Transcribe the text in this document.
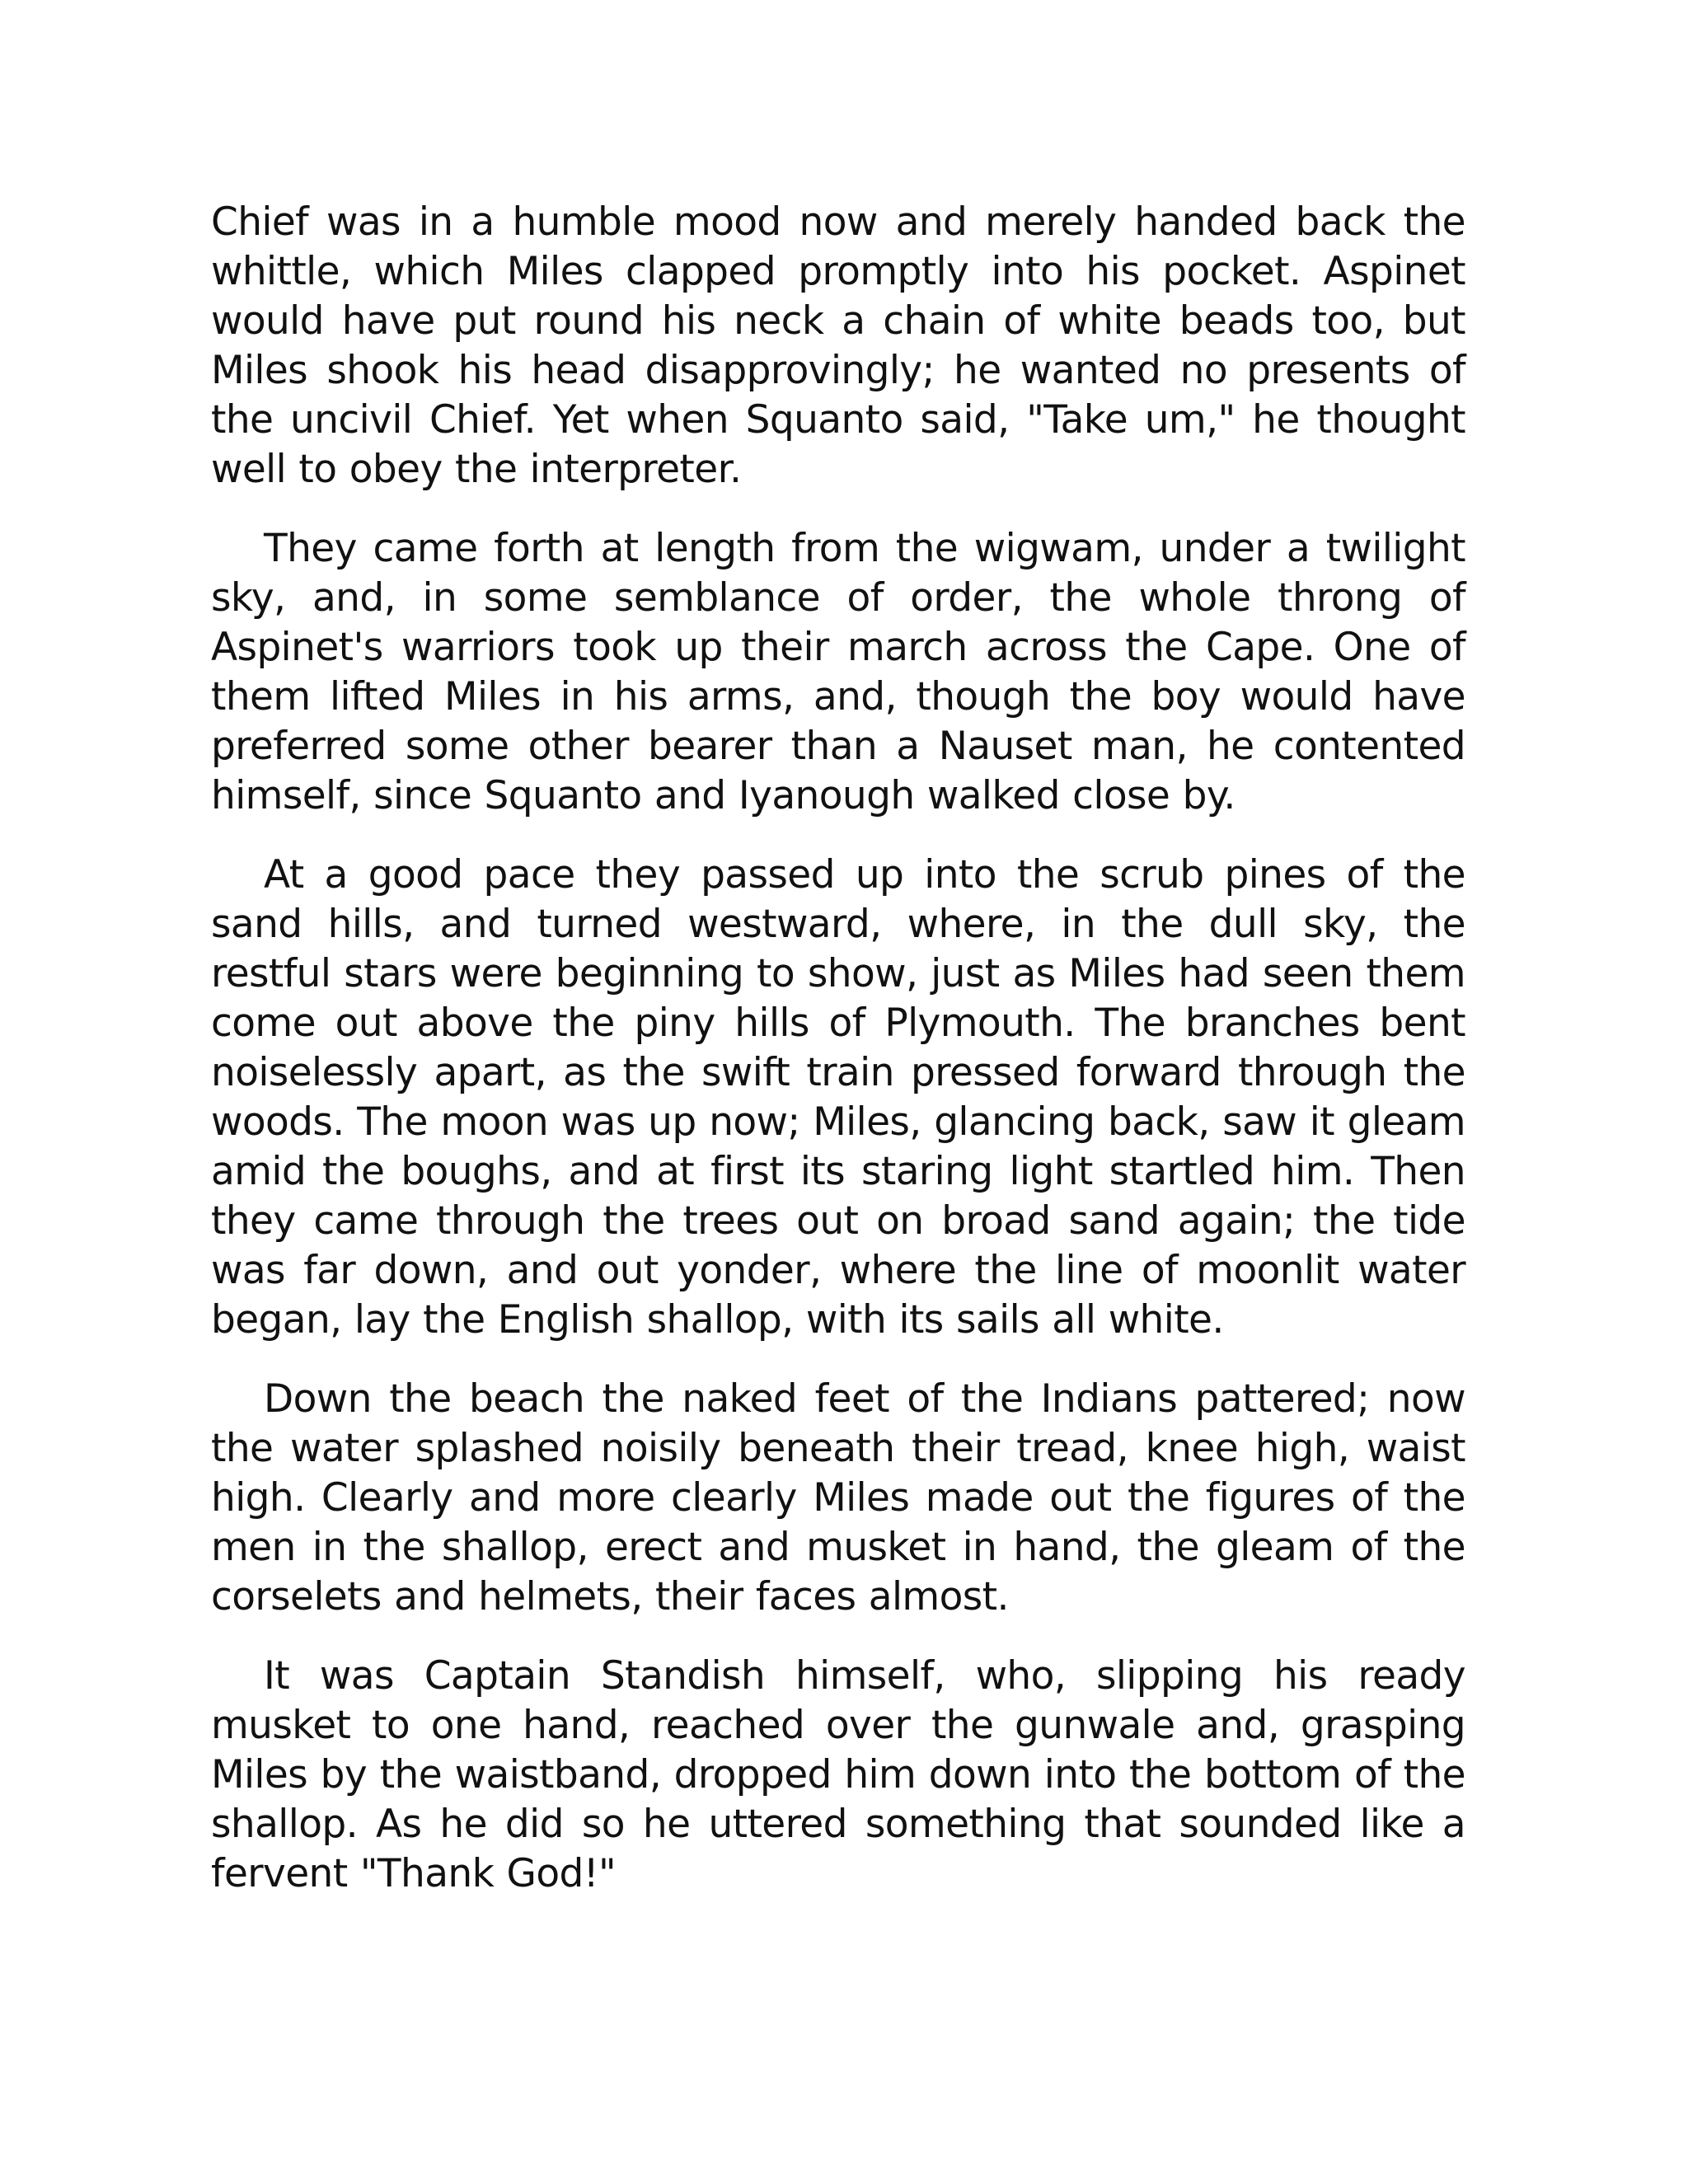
Chief was in a humble mood now and merely handed back the whittle, which Miles clapped promptly into his pocket. Aspinet would have put round his neck a chain of white beads too, but Miles shook his head disapprovingly; he wanted no presents of the uncivil Chief. Yet when Squanto said, "Take um," he thought well to obey the interpreter.

They came forth at length from the wigwam, under a twilight sky, and, in some semblance of order, the whole throng of Aspinet's warriors took up their march across the Cape. One of them lifted Miles in his arms, and, though the boy would have preferred some other bearer than a Nauset man, he contented himself, since Squanto and Iyanough walked close by.

At a good pace they passed up into the scrub pines of the sand hills, and turned westward, where, in the dull sky, the restful stars were beginning to show, just as Miles had seen them come out above the piny hills of Plymouth. The branches bent noiselessly apart, as the swift train pressed forward through the woods. The moon was up now; Miles, glancing back, saw it gleam amid the boughs, and at first its staring light startled him. Then they came through the trees out on broad sand again; the tide was far down, and out yonder, where the line of moonlit water began, lay the English shallop, with its sails all white.

Down the beach the naked feet of the Indians pattered; now the water splashed noisily beneath their tread, knee high, waist high. Clearly and more clearly Miles made out the figures of the men in the shallop, erect and musket in hand, the gleam of the corselets and helmets, their faces almost.

It was Captain Standish himself, who, slipping his ready musket to one hand, reached over the gunwale and, grasping Miles by the waistband, dropped him down into the bottom of the shallop. As he did so he uttered something that sounded like a fervent "Thank God!"
